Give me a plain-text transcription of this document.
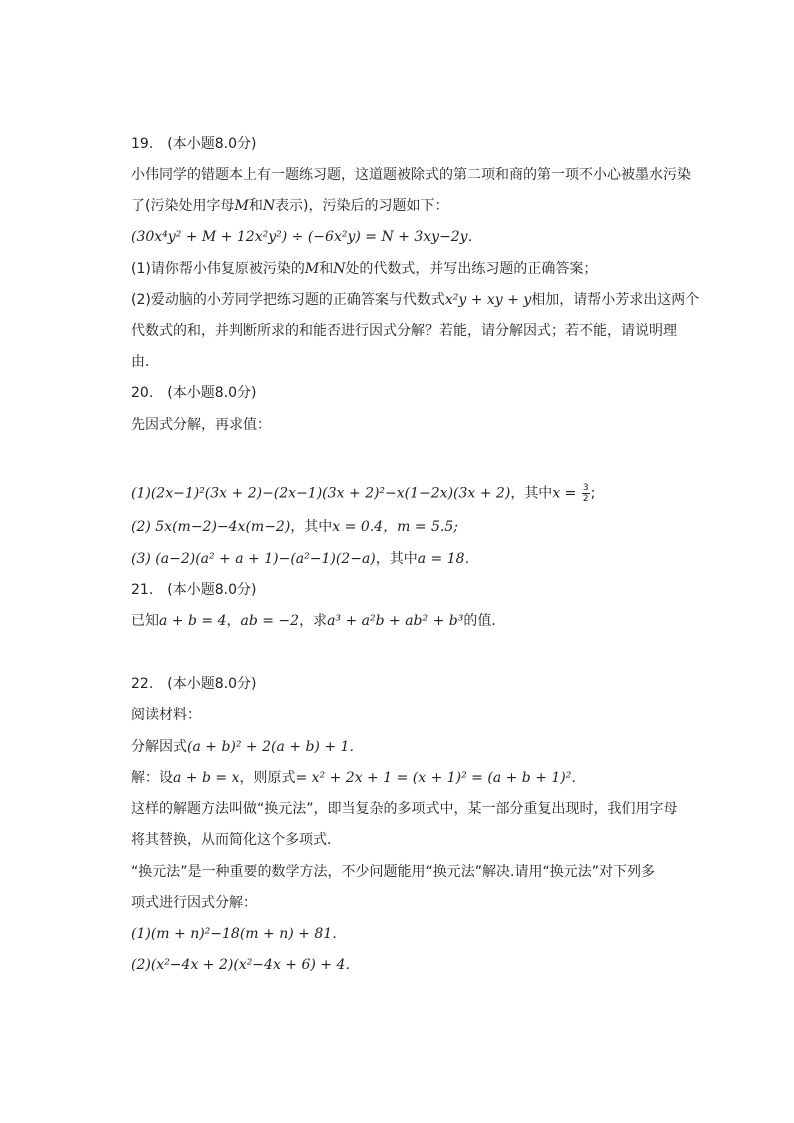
19.　(本小题8.0分)
小伟同学的错题本上有一题练习题，这道题被除式的第二项和商的第一项不小心被墨水污染
了(污染处用字母M和N表示)，污染后的习题如下：
(30x⁴y² + M + 12x²y²) ÷ (−6x²y) = N + 3xy−2y．
(1)请你帮小伟复原被污染的M和N处的代数式，并写出练习题的正确答案；
(2)爱动脑的小芳同学把练习题的正确答案与代数式x²y + xy + y相加，请帮小芳求出这两个
代数式的和，并判断所求的和能否进行因式分解？若能，请分解因式；若不能，请说明理
由．
20.　(本小题8.0分)
先因式分解，再求值：
(1)(2x−1)²(3x + 2)−(2x−1)(3x + 2)²−x(1−2x)(3x + 2)，其中$x = \frac{3}{2}$ ;
(2) 5x(m−2)−4x(m−2)，其中x = 0.4，m = 5.5;
(3) (a−2)(a² + a + 1)−(a²−1)(2−a)，其中a = 18．
21.　(本小题8.0分)
已知a + b = 4，ab = −2，求a³ + a²b + ab² + b³的值．
22.　(本小题8.0分)
阅读材料：
分解因式(a + b)² + 2(a + b) + 1．
解：设a + b = x，则原式= x² + 2x + 1 = (x + 1)² = (a + b + 1)²．
这样的解题方法叫做“换元法”，即当复杂的多项式中，某一部分重复出现时，我们用字母
将其替换，从而简化这个多项式．
“换元法”是一种重要的数学方法，不少问题能用“换元法”解决.请用“换元法”对下列多
项式进行因式分解：
(1)(m + n)²−18(m + n) + 81．
(2)(x²−4x + 2)(x²−4x + 6) + 4．
